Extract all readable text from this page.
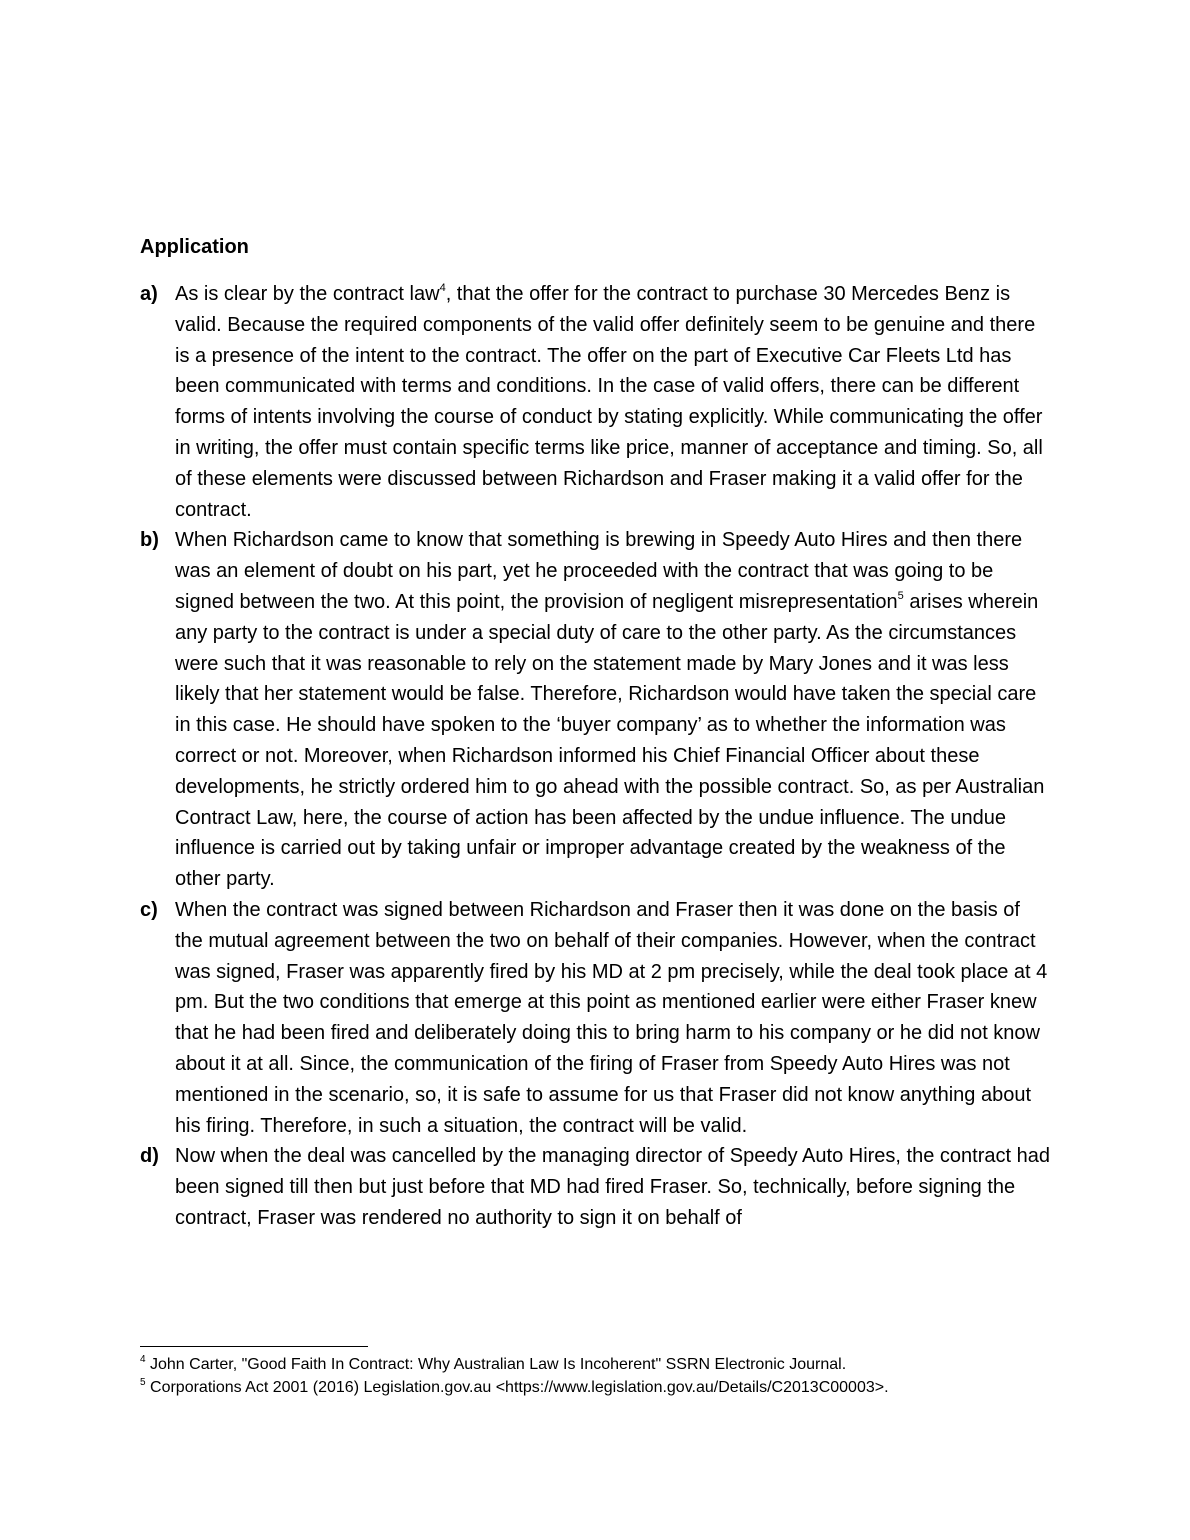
Application
a) As is clear by the contract law$^4$, that the offer for the contract to purchase 30 Mercedes Benz is valid. Because the required components of the valid offer definitely seem to be genuine and there is a presence of the intent to the contract. The offer on the part of Executive Car Fleets Ltd has been communicated with terms and conditions. In the case of valid offers, there can be different forms of intents involving the course of conduct by stating explicitly. While communicating the offer in writing, the offer must contain specific terms like price, manner of acceptance and timing. So, all of these elements were discussed between Richardson and Fraser making it a valid offer for the contract.
b) When Richardson came to know that something is brewing in Speedy Auto Hires and then there was an element of doubt on his part, yet he proceeded with the contract that was going to be signed between the two. At this point, the provision of negligent misrepresentation$^5$ arises wherein any party to the contract is under a special duty of care to the other party. As the circumstances were such that it was reasonable to rely on the statement made by Mary Jones and it was less likely that her statement would be false. Therefore, Richardson would have taken the special care in this case. He should have spoken to the ‘buyer company’ as to whether the information was correct or not. Moreover, when Richardson informed his Chief Financial Officer about these developments, he strictly ordered him to go ahead with the possible contract. So, as per Australian Contract Law, here, the course of action has been affected by the undue influence. The undue influence is carried out by taking unfair or improper advantage created by the weakness of the other party.
c) When the contract was signed between Richardson and Fraser then it was done on the basis of the mutual agreement between the two on behalf of their companies. However, when the contract was signed, Fraser was apparently fired by his MD at 2 pm precisely, while the deal took place at 4 pm. But the two conditions that emerge at this point as mentioned earlier were either Fraser knew that he had been fired and deliberately doing this to bring harm to his company or he did not know about it at all. Since, the communication of the firing of Fraser from Speedy Auto Hires was not mentioned in the scenario, so, it is safe to assume for us that Fraser did not know anything about his firing. Therefore, in such a situation, the contract will be valid.
d) Now when the deal was cancelled by the managing director of Speedy Auto Hires, the contract had been signed till then but just before that MD had fired Fraser. So, technically, before signing the contract, Fraser was rendered no authority to sign it on behalf of
$^4$ John Carter, "Good Faith In Contract: Why Australian Law Is Incoherent" SSRN Electronic Journal.
$^5$ Corporations Act 2001 (2016) Legislation.gov.au <https://www.legislation.gov.au/Details/C2013C00003>.
